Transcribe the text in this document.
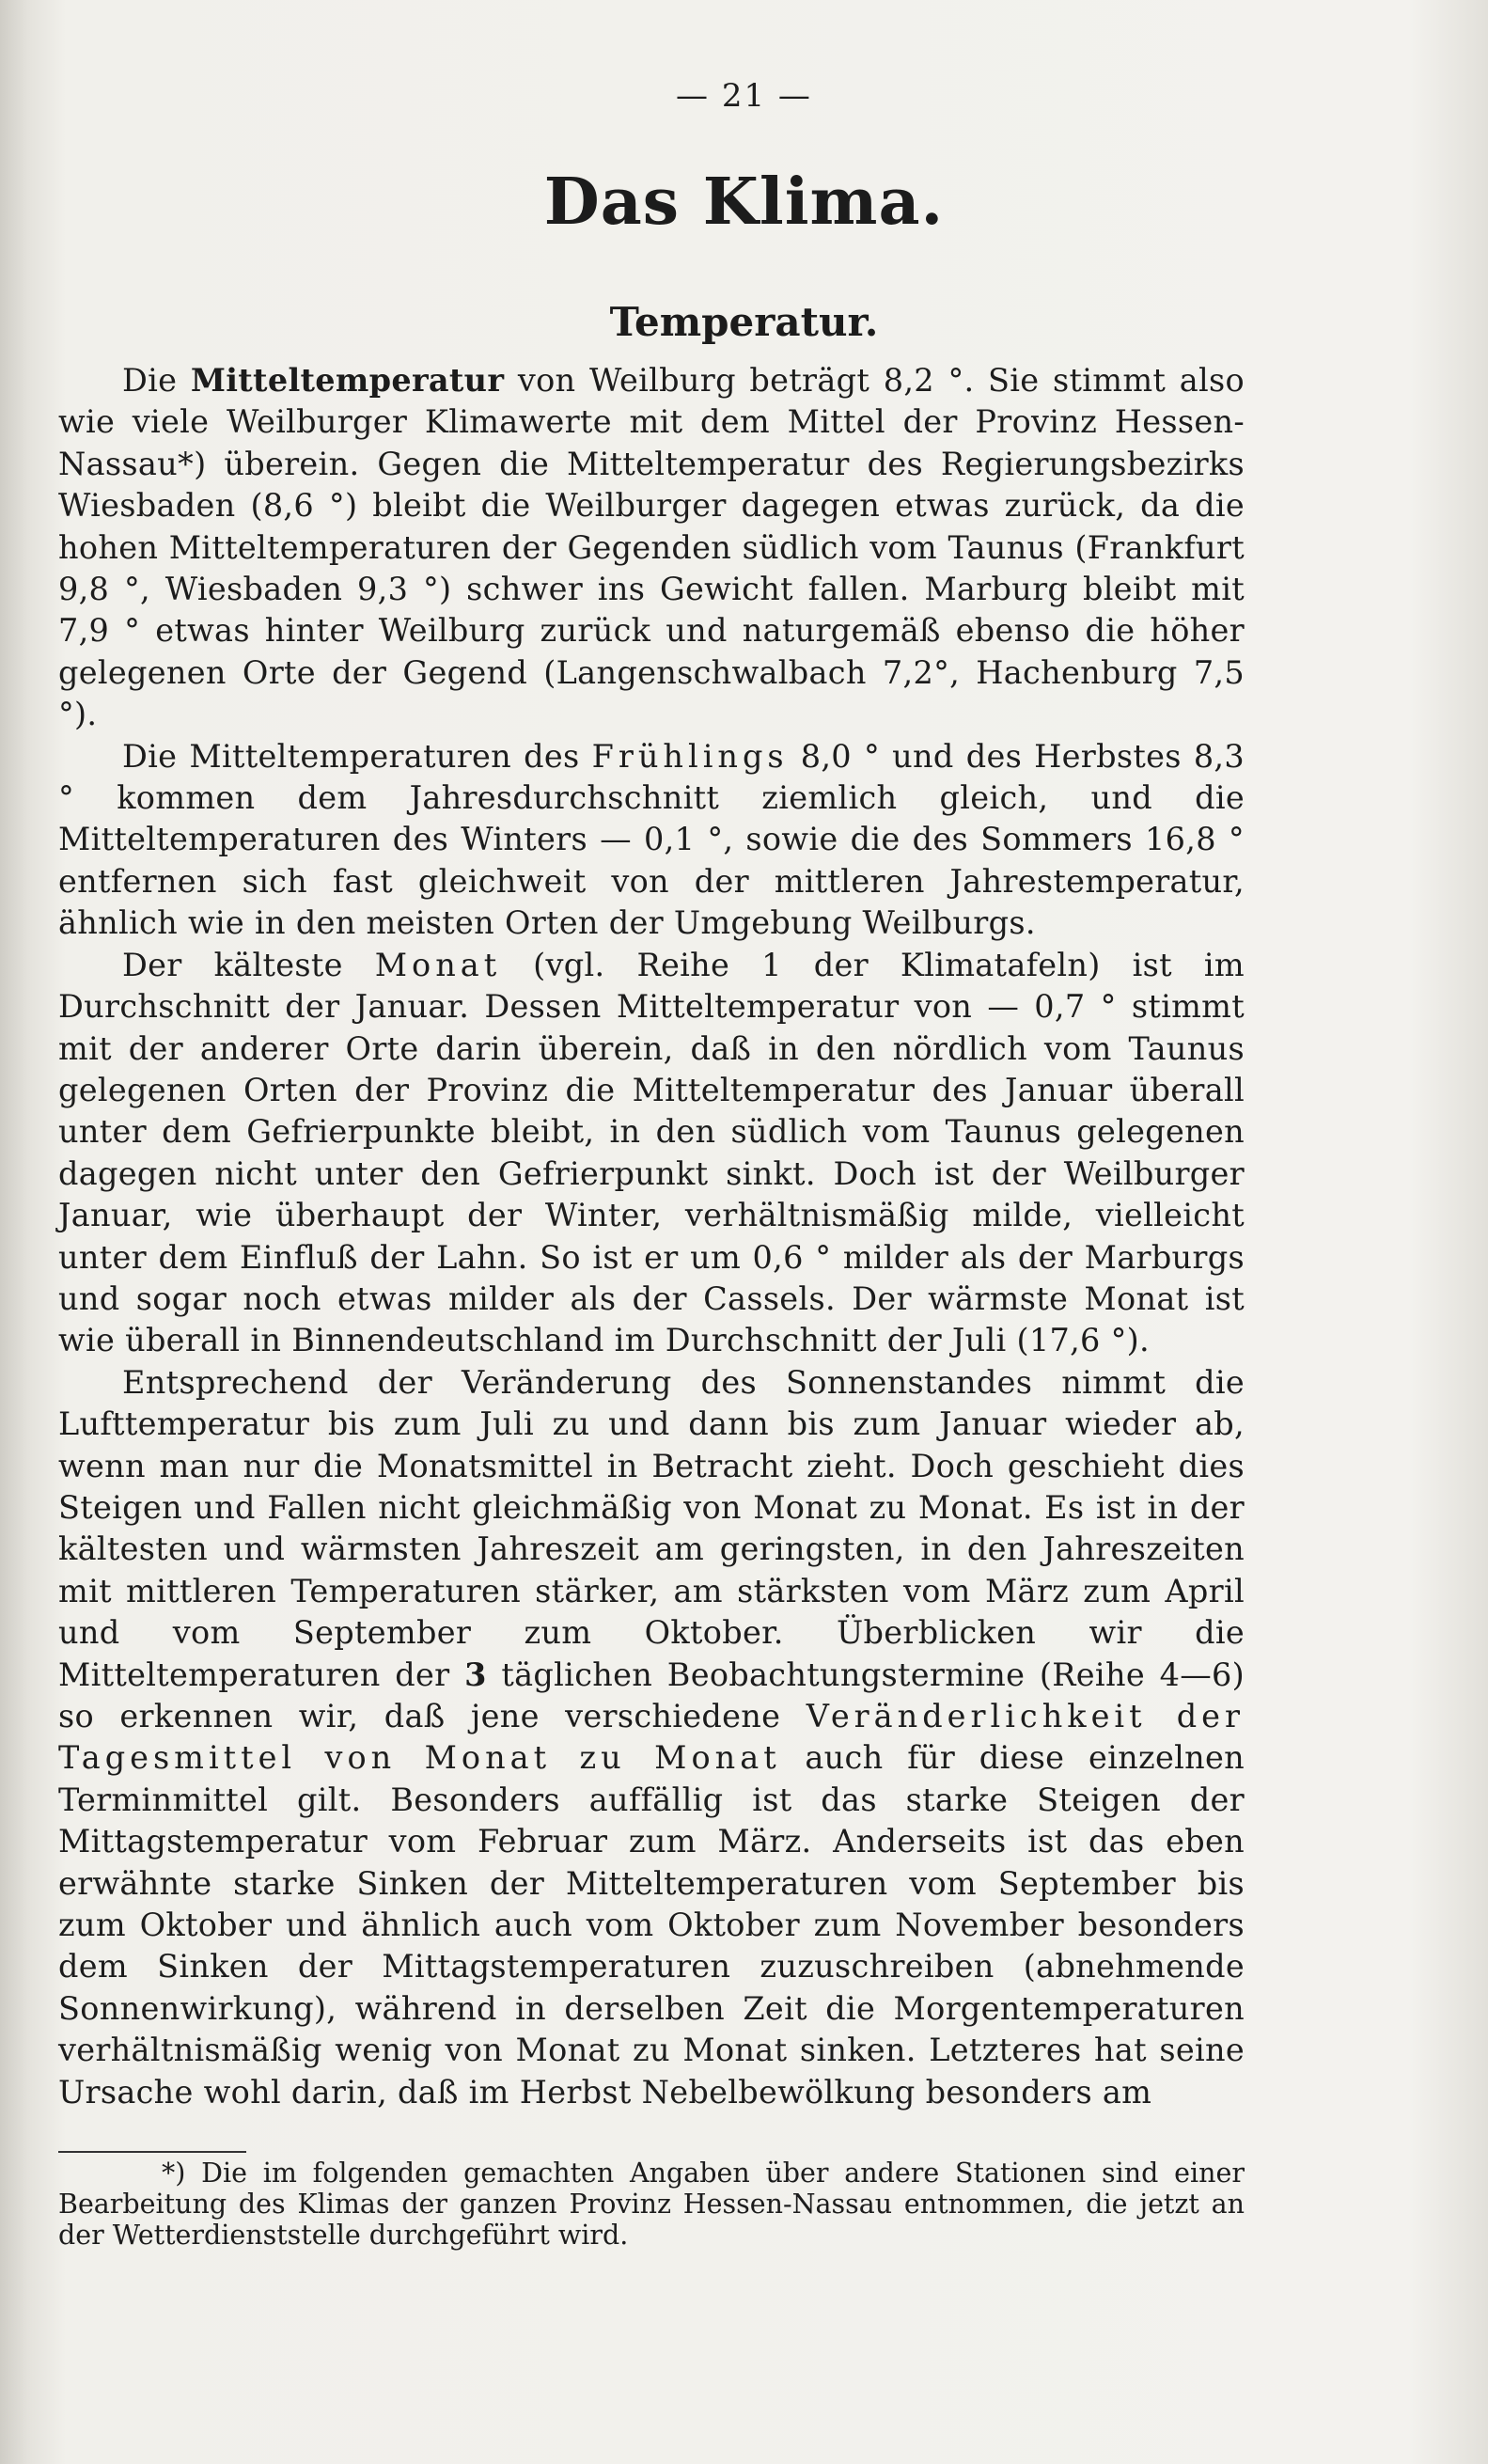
— 21 —
Das Klima.
Temperatur.

Die Mitteltemperatur von Weilburg beträgt 8,2 °. Sie stimmt also wie viele Weilburger Klimawerte mit dem Mittel der Provinz Hessen-Nassau*) überein. Gegen die Mitteltemperatur des Regierungsbezirks Wiesbaden (8,6 °) bleibt die Weilburger dagegen etwas zurück, da die hohen Mitteltemperaturen der Gegenden südlich vom Taunus (Frankfurt 9,8 °, Wiesbaden 9,3 °) schwer ins Gewicht fallen. Marburg bleibt mit 7,9 ° etwas hinter Weilburg zurück und naturgemäß ebenso die höher gelegenen Orte der Gegend (Langenschwalbach 7,2°, Hachenburg 7,5 °).

Die Mitteltemperaturen des Frühlings 8,0 ° und des Herbstes 8,3 ° kommen dem Jahresdurchschnitt ziemlich gleich, und die Mitteltemperaturen des Winters — 0,1 °, sowie die des Sommers 16,8 ° entfernen sich fast gleichweit von der mittleren Jahrestemperatur, ähnlich wie in den meisten Orten der Umgebung Weilburgs.

Der kälteste Monat (vgl. Reihe 1 der Klimatafeln) ist im Durchschnitt der Januar. Dessen Mitteltemperatur von — 0,7 ° stimmt mit der anderer Orte darin überein, daß in den nördlich vom Taunus gelegenen Orten der Provinz die Mitteltemperatur des Januar überall unter dem Gefrierpunkte bleibt, in den südlich vom Taunus gelegenen dagegen nicht unter den Gefrierpunkt sinkt. Doch ist der Weilburger Januar, wie überhaupt der Winter, verhältnismäßig milde, vielleicht unter dem Einfluß der Lahn. So ist er um 0,6 ° milder als der Marburgs und sogar noch etwas milder als der Cassels. Der wärmste Monat ist wie überall in Binnendeutschland im Durchschnitt der Juli (17,6 °).

Entsprechend der Veränderung des Sonnenstandes nimmt die Lufttemperatur bis zum Juli zu und dann bis zum Januar wieder ab, wenn man nur die Monatsmittel in Betracht zieht. Doch geschieht dies Steigen und Fallen nicht gleichmäßig von Monat zu Monat. Es ist in der kältesten und wärmsten Jahreszeit am geringsten, in den Jahreszeiten mit mittleren Temperaturen stärker, am stärksten vom März zum April und vom September zum Oktober. Überblicken wir die Mitteltemperaturen der 3 täglichen Beobachtungstermine (Reihe 4—6) so erkennen wir, daß jene verschiedene Veränderlichkeit der Tagesmittel von Monat zu Monat auch für diese einzelnen Terminmittel gilt. Besonders auffällig ist das starke Steigen der Mittagstemperatur vom Februar zum März. Anderseits ist das eben erwähnte starke Sinken der Mitteltemperaturen vom September bis zum Oktober und ähnlich auch vom Oktober zum November besonders dem Sinken der Mittagstemperaturen zuzuschreiben (abnehmende Sonnenwirkung), während in derselben Zeit die Morgentemperaturen verhältnismäßig wenig von Monat zu Monat sinken. Letzteres hat seine Ursache wohl darin, daß im Herbst Nebelbewölkung besonders am

*) Die im folgenden gemachten Angaben über andere Stationen sind einer Bearbeitung des Klimas der ganzen Provinz Hessen-Nassau entnommen, die jetzt an der Wetterdienststelle durchgeführt wird.
